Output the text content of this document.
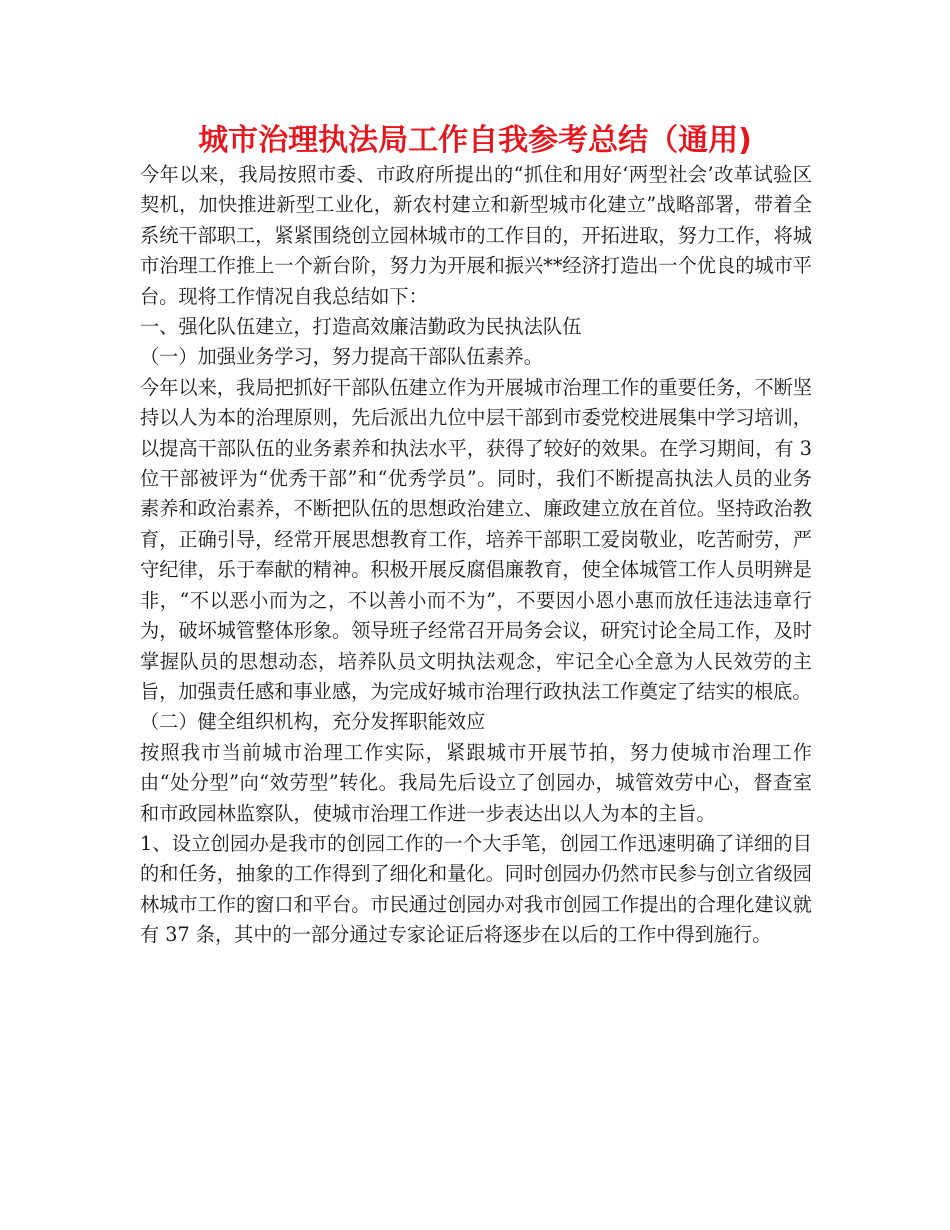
城市治理执法局工作自我参考总结（通用)

今年以来，我局按照市委、市政府所提出的“抓住和用好‘两型社会’改革试验区契机，加快推进新型工业化，新农村建立和新型城市化建立”战略部署，带着全系统干部职工，紧紧围绕创立园林城市的工作目的，开拓进取，努力工作，将城市治理工作推上一个新台阶，努力为开展和振兴**经济打造出一个优良的城市平台。现将工作情况自我总结如下：

一、强化队伍建立，打造高效廉洁勤政为民执法队伍

（一）加强业务学习，努力提高干部队伍素养。

今年以来，我局把抓好干部队伍建立作为开展城市治理工作的重要任务，不断坚持以人为本的治理原则，先后派出九位中层干部到市委党校进展集中学习培训，以提高干部队伍的业务素养和执法水平，获得了较好的效果。在学习期间，有 3 位干部被评为“优秀干部”和“优秀学员”。同时，我们不断提高执法人员的业务素养和政治素养，不断把队伍的思想政治建立、廉政建立放在首位。坚持政治教育，正确引导，经常开展思想教育工作，培养干部职工爱岗敬业，吃苦耐劳，严守纪律，乐于奉献的精神。积极开展反腐倡廉教育，使全体城管工作人员明辨是非，“不以恶小而为之，不以善小而不为”，不要因小恩小惠而放任违法违章行为，破坏城管整体形象。领导班子经常召开局务会议，研究讨论全局工作，及时掌握队员的思想动态，培养队员文明执法观念，牢记全心全意为人民效劳的主旨，加强责任感和事业感，为完成好城市治理行政执法工作奠定了结实的根底。

（二）健全组织机构，充分发挥职能效应

按照我市当前城市治理工作实际，紧跟城市开展节拍，努力使城市治理工作由“处分型”向“效劳型”转化。我局先后设立了创园办，城管效劳中心，督查室和市政园林监察队，使城市治理工作进一步表达出以人为本的主旨。

1、设立创园办是我市的创园工作的一个大手笔，创园工作迅速明确了详细的目的和任务，抽象的工作得到了细化和量化。同时创园办仍然市民参与创立省级园林城市工作的窗口和平台。市民通过创园办对我市创园工作提出的合理化建议就有 37 条，其中的一部分通过专家论证后将逐步在以后的工作中得到施行。
